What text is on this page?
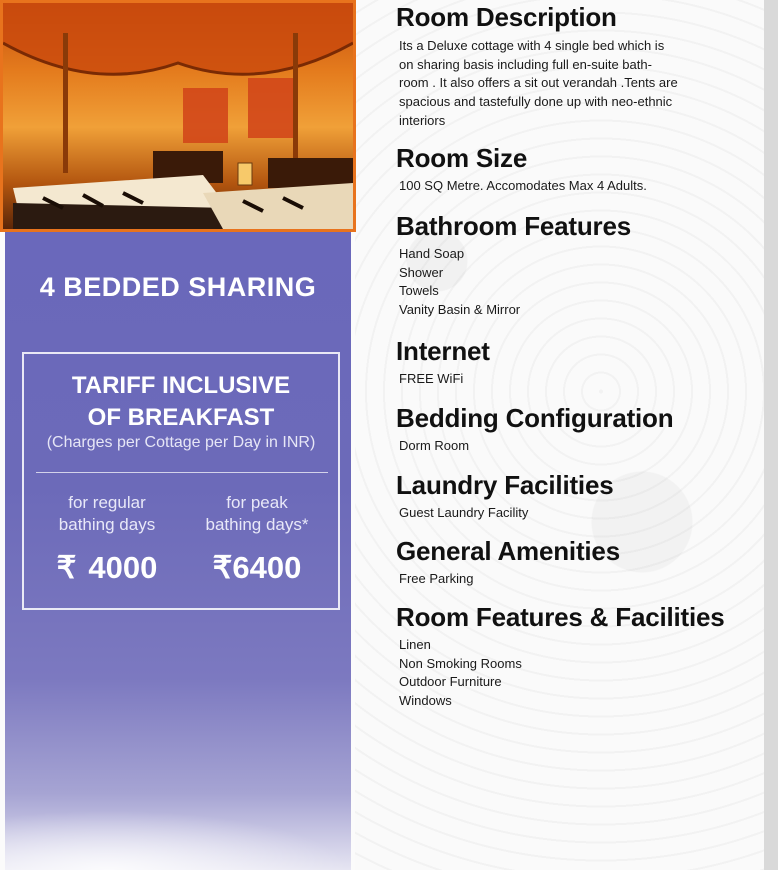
4 BEDDED SHARING
TARIFF INCLUSIVE
OF BREAKFAST
(Charges per Cottage per Day in INR)
for regular
bathing days
₹ 4000
for peak
bathing days*
₹6400
Room Description
Its a Deluxe cottage with 4 single bed which is
on sharing basis including full en-suite bath-
room . It also offers a sit out verandah .Tents are
spacious and tastefully done up with neo-ethnic
interiors
Room Size
100 SQ Metre. Accomodates Max 4 Adults.
Bathroom Features
Hand Soap
Shower
Towels
Vanity Basin & Mirror
Internet
FREE WiFi
Bedding Configuration
Dorm Room
Laundry Facilities
Guest Laundry Facility
General Amenities
Free Parking
Room Features & Facilities
Linen
Non Smoking Rooms
Outdoor Furniture
Windows
